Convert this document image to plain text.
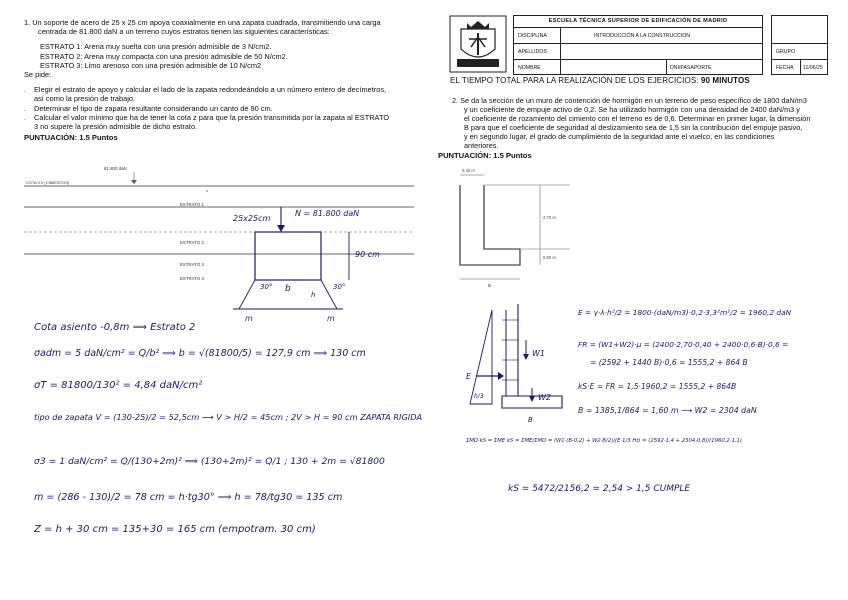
1. Un soporte de acero de 25 x 25 cm apoya coaxialmente en una zapata cuadrada, transmitiendo una carga
centrada de 81.800 daN a un terreno cuyos estratos tienen las siguientes características:
ESTRATO 1: Arena muy suelta con una presión admisible de 3 N/cm2.
ESTRATO 2: Arena muy compacta con una presión admisible de 50 N/cm2.
ESTRATO 3: Limo arenoso con una presión admisible de 10 N/cm2
Se pide:
.	Elegir el estrato de apoyo y calcular el lado de la zapata redondeándolo a un número entero de decímetros,
así como la presión de trabajo.
.	Determinar el tipo de zapata resultante considerando un canto de 90 cm.
.	Calcular el valor mínimo que ha de tener la cota z para que la presión transmitida por la zapata al ESTRATO
3 no supere la presión admisible de dicho estrato.
PUNTUACIÓN: 1.5 Puntos
81.800 daN
COTA 0.0 (CIMIENTOS)
z
ESTRATO 1
ESTRATO 2
ESTRATO 2
ESTRATO 3
25x25cm
N = 81.800 daN
90 cm
30°	30°
b
h
m	m
Cota asiento -0,8m ⟹ Estrato 2
σadm = 5 daN/cm² = Q/b² ⟹ b = √(81800/5) = 127,9 cm ⟹ 130 cm
σT = 81800/130² = 4,84 daN/cm²
tipo de zapata V = (130-25)/2 = 52,5cm ⟶ V > H/2 = 45cm ; 2V > H = 90 cm ZAPATA RIGIDA
σ3 = 1 daN/cm² = Q/(130+2m)² ⟹ (130+2m)² = Q/1 ; 130 + 2m = √81800
m = (286 - 130)/2 = 78 cm = h·tg30° ⟹ h = 78/tg30 = 135 cm
Z = h + 30 cm = 135+30 = 165 cm (empotram. 30 cm)
ESCUELA TÉCNICA SUPERIOR DE EDIFICACIÓN DE MADRID
DISCIPLINA	INTRODUCCIÓN A LA CONSTRUCCION
APELLIDOS
NOMBRE	DNI/PASAPORTE
GRUPO
FECHA 11/06/25
EL TIEMPO TOTAL PARA LA REALIZACIÓN DE LOS EJERCICIOS: 90 MINUTOS
2. Se da la sección de un muro de contención de hormigón en un terreno de peso específico de 1800 daN/m3
y un coeficiente de empuje activo de 0,2. Se ha utilizado hormigón con una densidad de 2400 daN/m3 y
el coeficiente de rozamiento del cimiento con el terreno es de 0,6. Determinar en primer lugar, la dimensión
B para que el coeficiente de seguridad al deslizamiento sea de 1,5 sin la contribución del empuje pasivo,
y en segundo lugar, el grado de cumplimiento de la seguridad ante el vuelco, en las condiciones
anteriores.
PUNTUACIÓN: 1.5 Puntos
0,40 m
2,70 m
0,60 m
B
E
W1
W2
h/3
B
E = γ·λ·h²/2 = 1800·(daN/m3)·0,2·3,3²m²/2 = 1960,2 daN
FR = (W1+W2)·μ = (2400·2,70·0,40 + 2400·0,6·B)·0,6 =
= (2592 + 1440 B)·0,6 = 1555,2 + 864 B
kS·E = FR = 1,5·1960,2 = 1555,2 + 864B
B = 1385,1/864 = 1,60 m ⟶ W2 = 2304 daN
ΣMD·kS = ΣME kS = ΣME/ΣMD = (W1·(B-0,2) + W2·B/2)/(E·1/3 Ht) = (2592·1,4 + 2304·0,8)/(1960,2·1,1)
kS = 5472/2156,2 = 2,54 > 1,5 CUMPLE
